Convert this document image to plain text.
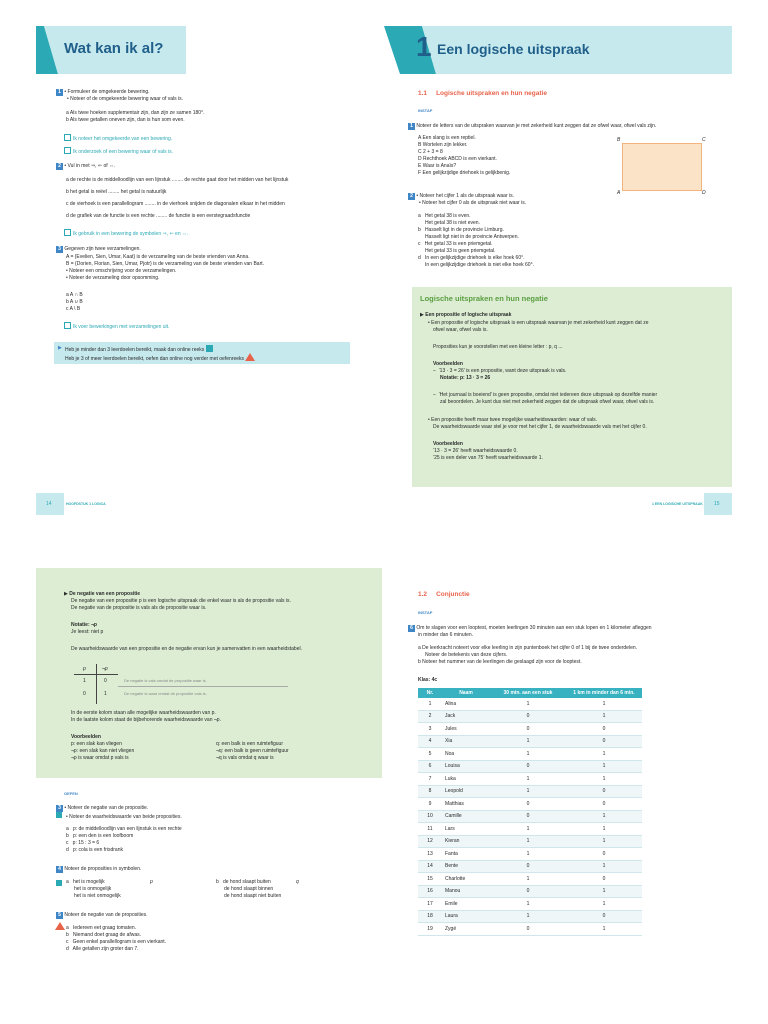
Wat kan ik al?
1 • Formuleer de omgekeerde bewering.
• Noteer of de omgekeerde bewering waar of vals is.
a Als twee hoeken supplementair zijn, dan zijn ze samen 180°.
b Als twee getallen oneven zijn, dan is hun som even.
Ik noteer het omgekeerde van een bewering.
Ik onderzoek of een bewering waar of vals is.
2 • Vul in met ⇒, ⇐ of ⇔.
a de rechte is de middelloodlijn van een lijnstuk ........ de rechte gaat door het midden van het lijnstuk
b het getal is reëel ........ het getal is natuurlijk
c de vierhoek is een parallellogram ........ in de vierhoek snijden de diagonalen elkaar in het midden
d de grafiek van de functie is een rechte ........ de functie is een eerstegraadsfunctie
Ik gebruik in een bewering de symbolen ⇒, ⇐ en ⇔.
3 Gegeven zijn twee verzamelingen.
A = {Evelien, Sien, Umar, Kaat} is de verzameling van de beste vrienden van Anna.
B = {Dorien, Florian, Sien, Umar, Pjotr} is de verzameling van de beste vrienden van Bart.
• Noteer een omschrijving voor de verzamelingen.
• Noteer de verzameling door opsomming.
a A ∩ B
b A ∪ B
c A \ B
Ik voer bewerkingen met verzamelingen uit.
▶ Heb je minder dan 3 leerdoelen bereikt, maak dan online reeks
Heb je 3 of meer leerdoelen bereikt, oefen dan online nog verder met oefenreeks
14	HOOFDSTUK 1 LOGICA
1 Een logische uitspraak
1.1     Logische uitspraken en hun negatie
INSTAP
1 Noteer de letters van de uitspraken waarvan je met zekerheid kunt zeggen dat ze ofwel waar, ofwel vals zijn.
A Een slang is een reptiel.
B Wortelen zijn lekker.
C 2 + 3 = 8
D Rechthoek ABCD is een vierkant.
E Waar is Anaïs?
F Een gelijkzijdige driehoek is gelijkbenig.
B	C
A	D
2 • Noteer het cijfer 1 als de uitspraak waar is.
• Noteer het cijfer 0 als de uitspraak niet waar is.
a   Het getal 38 is even.
Het getal 38 is niet even.
b   Hasselt ligt in de provincie Limburg.
Hasselt ligt niet in de provincie Antwerpen.
c   Het getal 33 is een priemgetal.
Het getal 33 is geen priemgetal.
d   In een gelijkzijdige driehoek is elke hoek 60°.
In een gelijkzijdige driehoek is niet elke hoek 60°.
Logische uitspraken en hun negatie
▶ Een propositie of logische uitspraak
• Een propositie of logische uitspraak is een uitspraak waarvan je met zekerheid kunt zeggen dat ze
ofwel waar, ofwel vals is.
Proposities kun je voorstellen met een kleine letter : p, q ...
Voorbeelden
–  ‘13 · 3 = 26’ is een propositie, want deze uitspraak is vals.
Notatie: p: 13 · 3 = 26
–  ‘Het journaal is boeiend’ is geen propositie, omdat niet iedereen deze uitspraak op dezelfde manier
zal beoordelen. Je kunt dus niet met zekerheid zeggen dat de uitspraak ofwel waar, ofwel vals is.
• Een propositie heeft maar twee mogelijke waarheidswaarden: waar of vals.
De waarheidswaarde waar stel je voor met het cijfer 1, de waarheidswaarde vals met het cijfer 0.
Voorbeelden
‘13 · 3 = 26’ heeft waarheidswaarde 0.
‘25 is een deler van 75’ heeft waarheidswaarde 1.
1 EEN LOGISCHE UITSPRAAK 15
▶ De negatie van een propositie
De negatie van een propositie p is een logische uitspraak die enkel waar is als de propositie vals is.
De negatie van de propositie is vals als de propositie waar is.
Notatie: ¬p
Je leest: niet p
De waarheidswaarde van een propositie en de negatie ervan kun je samenvatten in een waarheidstabel.
p	¬p
1	0
0	1
De negatie is vals omdat de propositie waar is.
De negatie is waar omdat de propositie vals is.
In de eerste kolom staan alle mogelijke waarheidswaarden van p.
In de laatste kolom staat de bijbehorende waarheidswaarde van ¬p.
Voorbeelden
p: een slak kan vliegen
¬p: een slak kan niet vliegen
¬p is waar omdat p vals is
q: een balk is een ruimtefiguur
¬q: een balk is geen ruimtefiguur
¬q is vals omdat q waar is
OEFEN
3 • Noteer de negatie van de propositie.
• Noteer de waarheidswaarde van beide proposities.
a   p: de middelloodlijn van een lijnstuk is een rechte
b   p: een den is een loofboom
c   p: 15 : 3 = 6
d   p: cola is een frisdrank
4 Noteer de proposities in symbolen.
a   het is mogelijk
het is onmogelijk
het is niet onmogelijk
p	b   de hond slaapt buiten
de hond slaapt binnen
de hond slaapt niet buiten
q
5 Noteer de negatie van de proposities.
a   Iedereen eet graag tomaten.
b   Niemand doet graag de afwas.
c   Geen enkel parallellogram is een vierkant.
d   Alle getallen zijn groter dan 7.
1.2     Conjunctie
INSTAP
6 Om te slagen voor een looptest, moeten leerlingen 30 minuten aan een stuk lopen en 1 kilometer afleggen
in minder dan 6 minuten.
a De leerkracht noteert voor elke leerling in zijn puntenboek het cijfer 0 of 1 bij de twee onderdelen.
Noteer de betekenis van deze cijfers.
b Noteer het nummer van de leerlingen die geslaagd zijn voor de looptest.
Klas: 4c
Nr.	Naam	30 min. aan een stuk	1 km in minder dan 6 min.
1	Alina	1	1
2	Jack	0	1
3	Jules	0	0
4	Xia	1	0
5	Noa	1	1
6	Louisa	0	1
7	Luka	1	1
8	Leopold	1	0
9	Matthias	0	0
10	Camille	0	1
11	Lars	1	1
12	Kieran	1	1
13	Fanta	1	0
14	Bente	0	1
15	Charlotte	1	0
16	Manou	0	1
17	Emile	1	1
18	Laura	1	0
19	Zygë	0	1
